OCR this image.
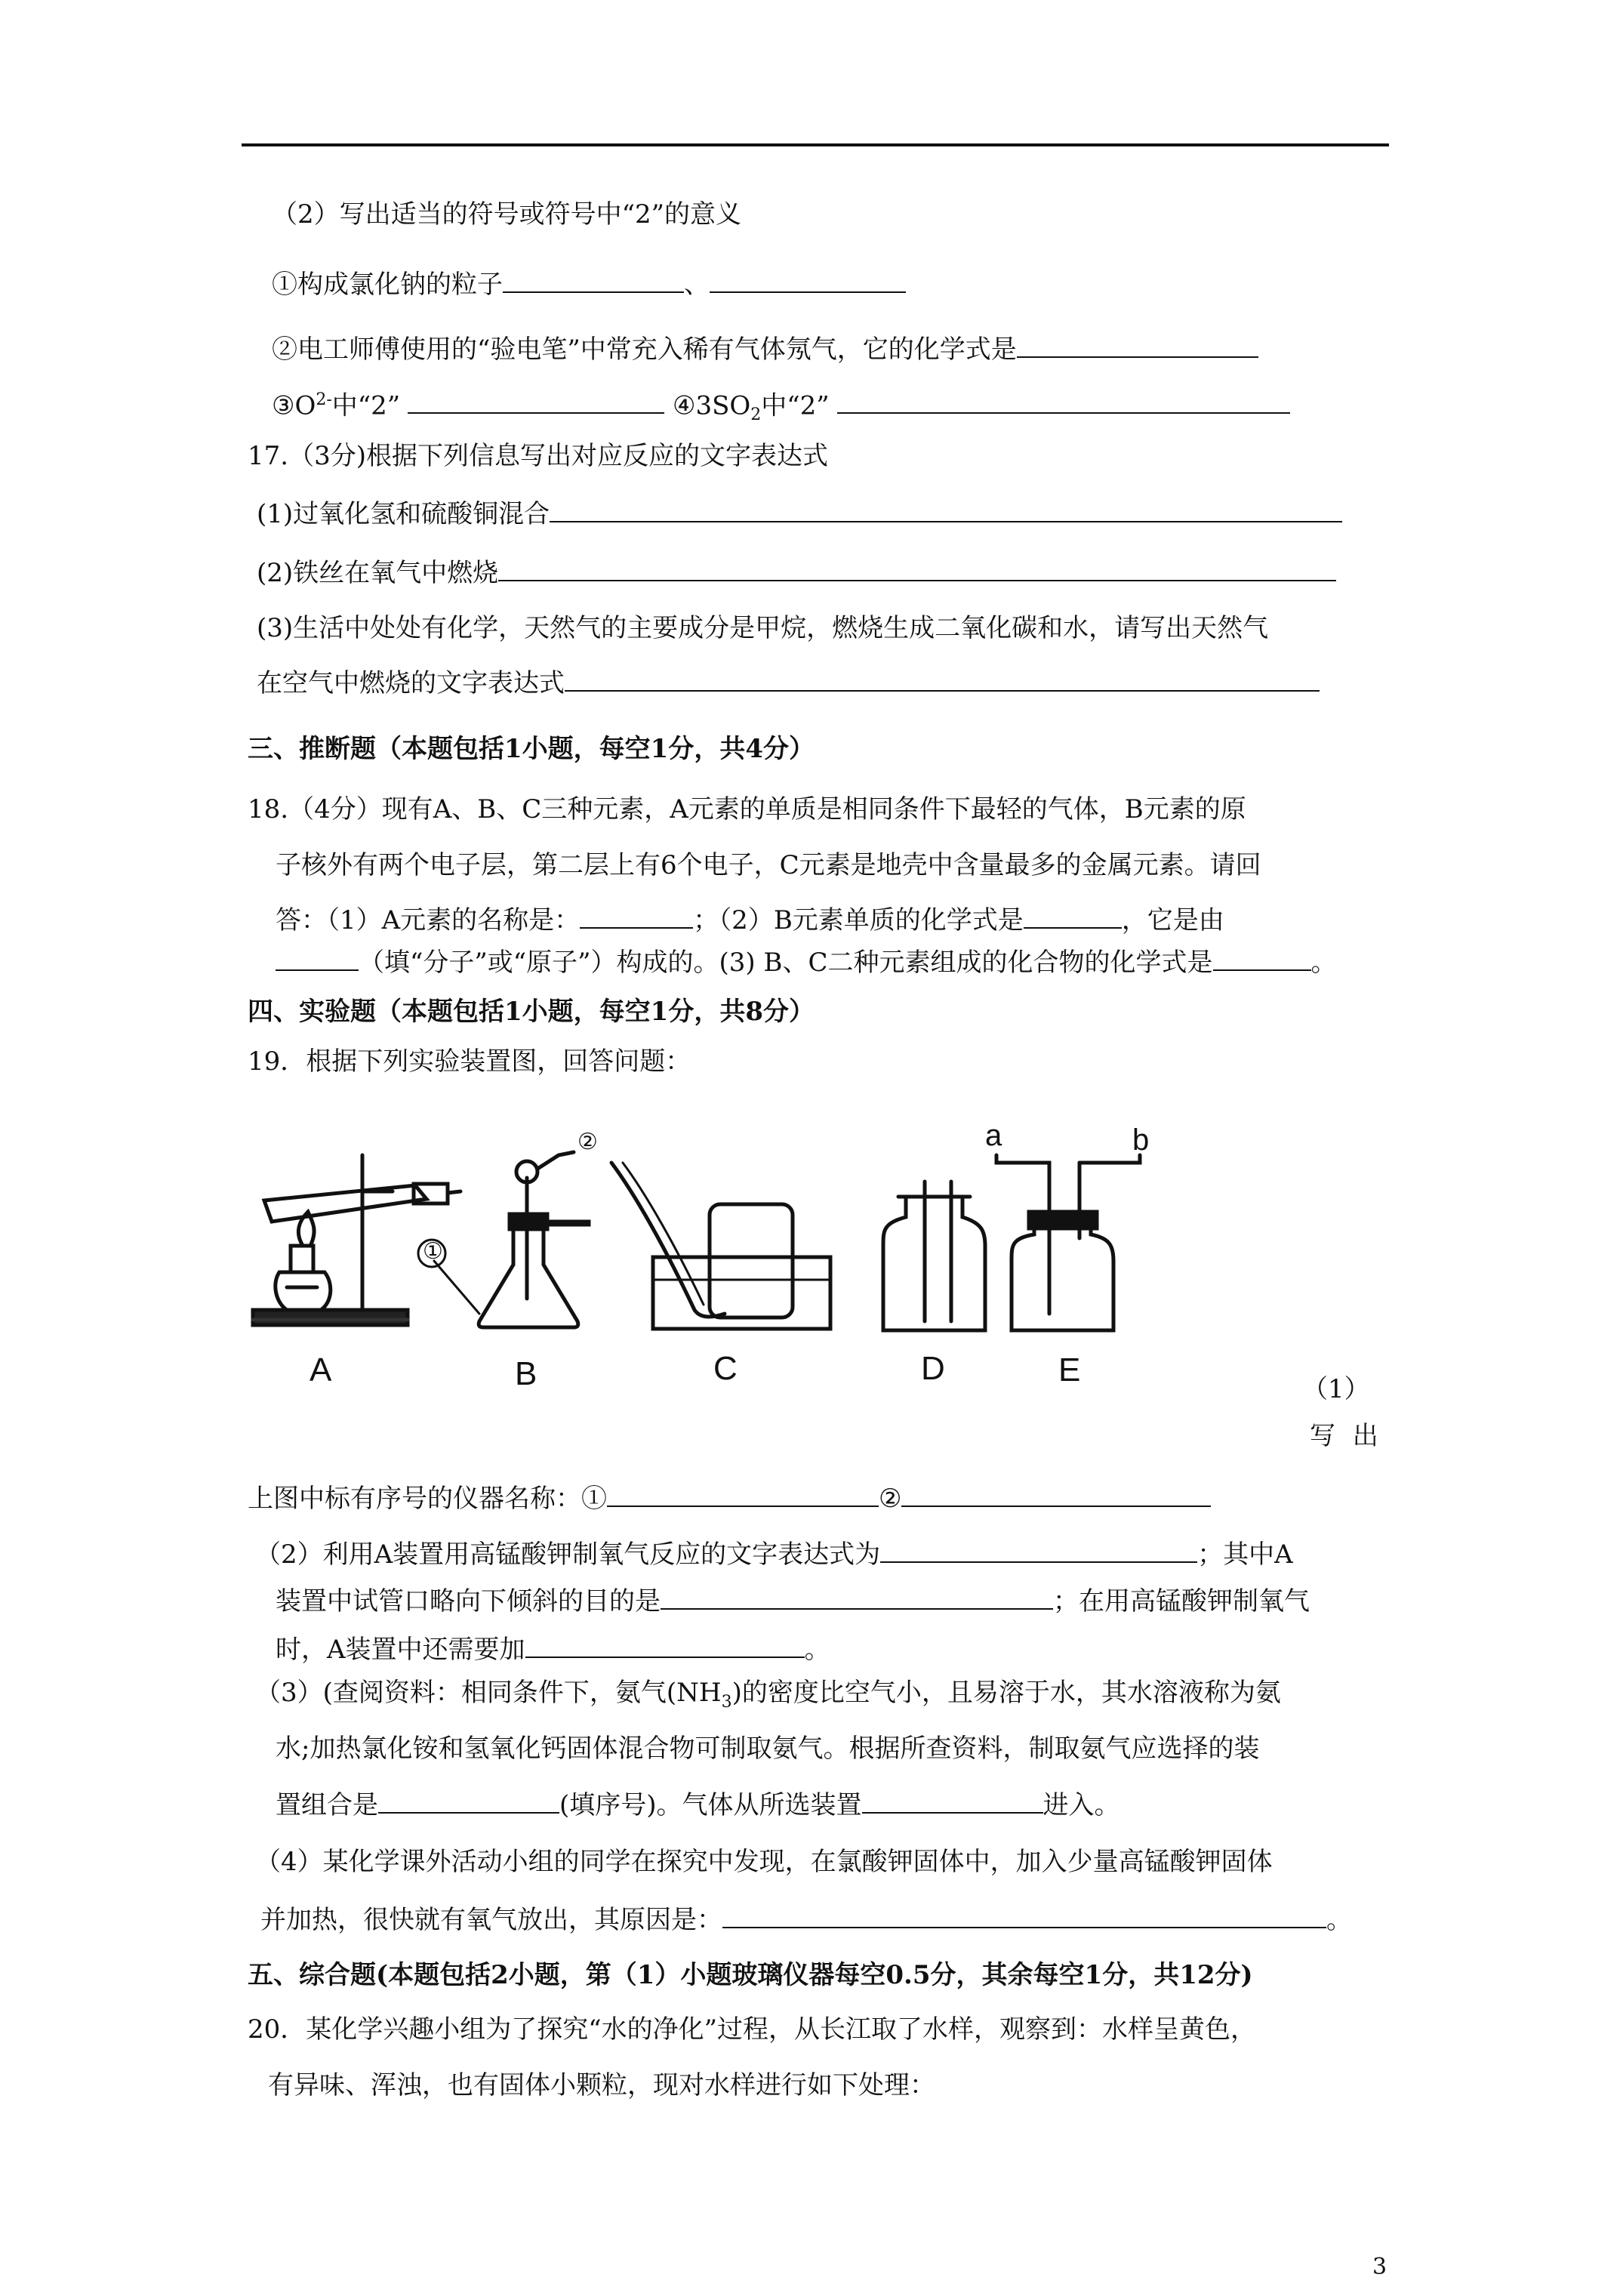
（2）写出适当的符号或符号中“2”的意义
①构成氯化钠的粒子	、
②电工师傅使用的“验电笔”中常充入稀有气体氖气，它的化学式是
$③O^{2-}$中“2”	$④3SO_2$中“2”
17.（3分)根据下列信息写出对应反应的文字表达式
(1)过氧化氢和硫酸铜混合
(2)铁丝在氧气中燃烧
(3)生活中处处有化学，天然气的主要成分是甲烷，燃烧生成二氧化碳和水，请写出天然气
在空气中燃烧的文字表达式
三、推断题（本题包括1小题，每空1分，共4分）
18.（4分）现有A、B、C三种元素，A元素的单质是相同条件下最轻的气体，B元素的原
子核外有两个电子层，第二层上有6个电子，C元素是地壳中含量最多的金属元素。请回
答：（1）A元素的名称是：	；（2）B元素单质的化学式是	，它是由
（填“分子”或“原子”）构成的。(3) B、C二种元素组成的化合物的化学式是	。
四、实验题（本题包括1小题，每空1分，共8分）
19．根据下列实验装置图，回答问题：
A	B	C	D	E
①
②	a	b
（1）
写 出
上图中标有序号的仪器名称：①	②
（2）利用A装置用高锰酸钾制氧气反应的文字表达式为	；其中A
装置中试管口略向下倾斜的目的是	；在用高锰酸钾制氧气
时，A装置中还需要加	。
（3）(查阅资料：相同条件下，氨气$(NH_3)$的密度比空气小，且易溶于水，其水溶液称为氨
水;加热氯化铵和氢氧化钙固体混合物可制取氨气。根据所查资料，制取氨气应选择的装
置组合是	(填序号)。气体从所选装置	进入。
（4）某化学课外活动小组的同学在探究中发现，在氯酸钾固体中，加入少量高锰酸钾固体
并加热，很快就有氧气放出，其原因是：	。
五、综合题(本题包括2小题，第（1）小题玻璃仪器每空0.5分，其余每空1分，共12分)
20．某化学兴趣小组为了探究“水的净化”过程，从长江取了水样，观察到：水样呈黄色，
有异味、浑浊，也有固体小颗粒，现对水样进行如下处理：
3
